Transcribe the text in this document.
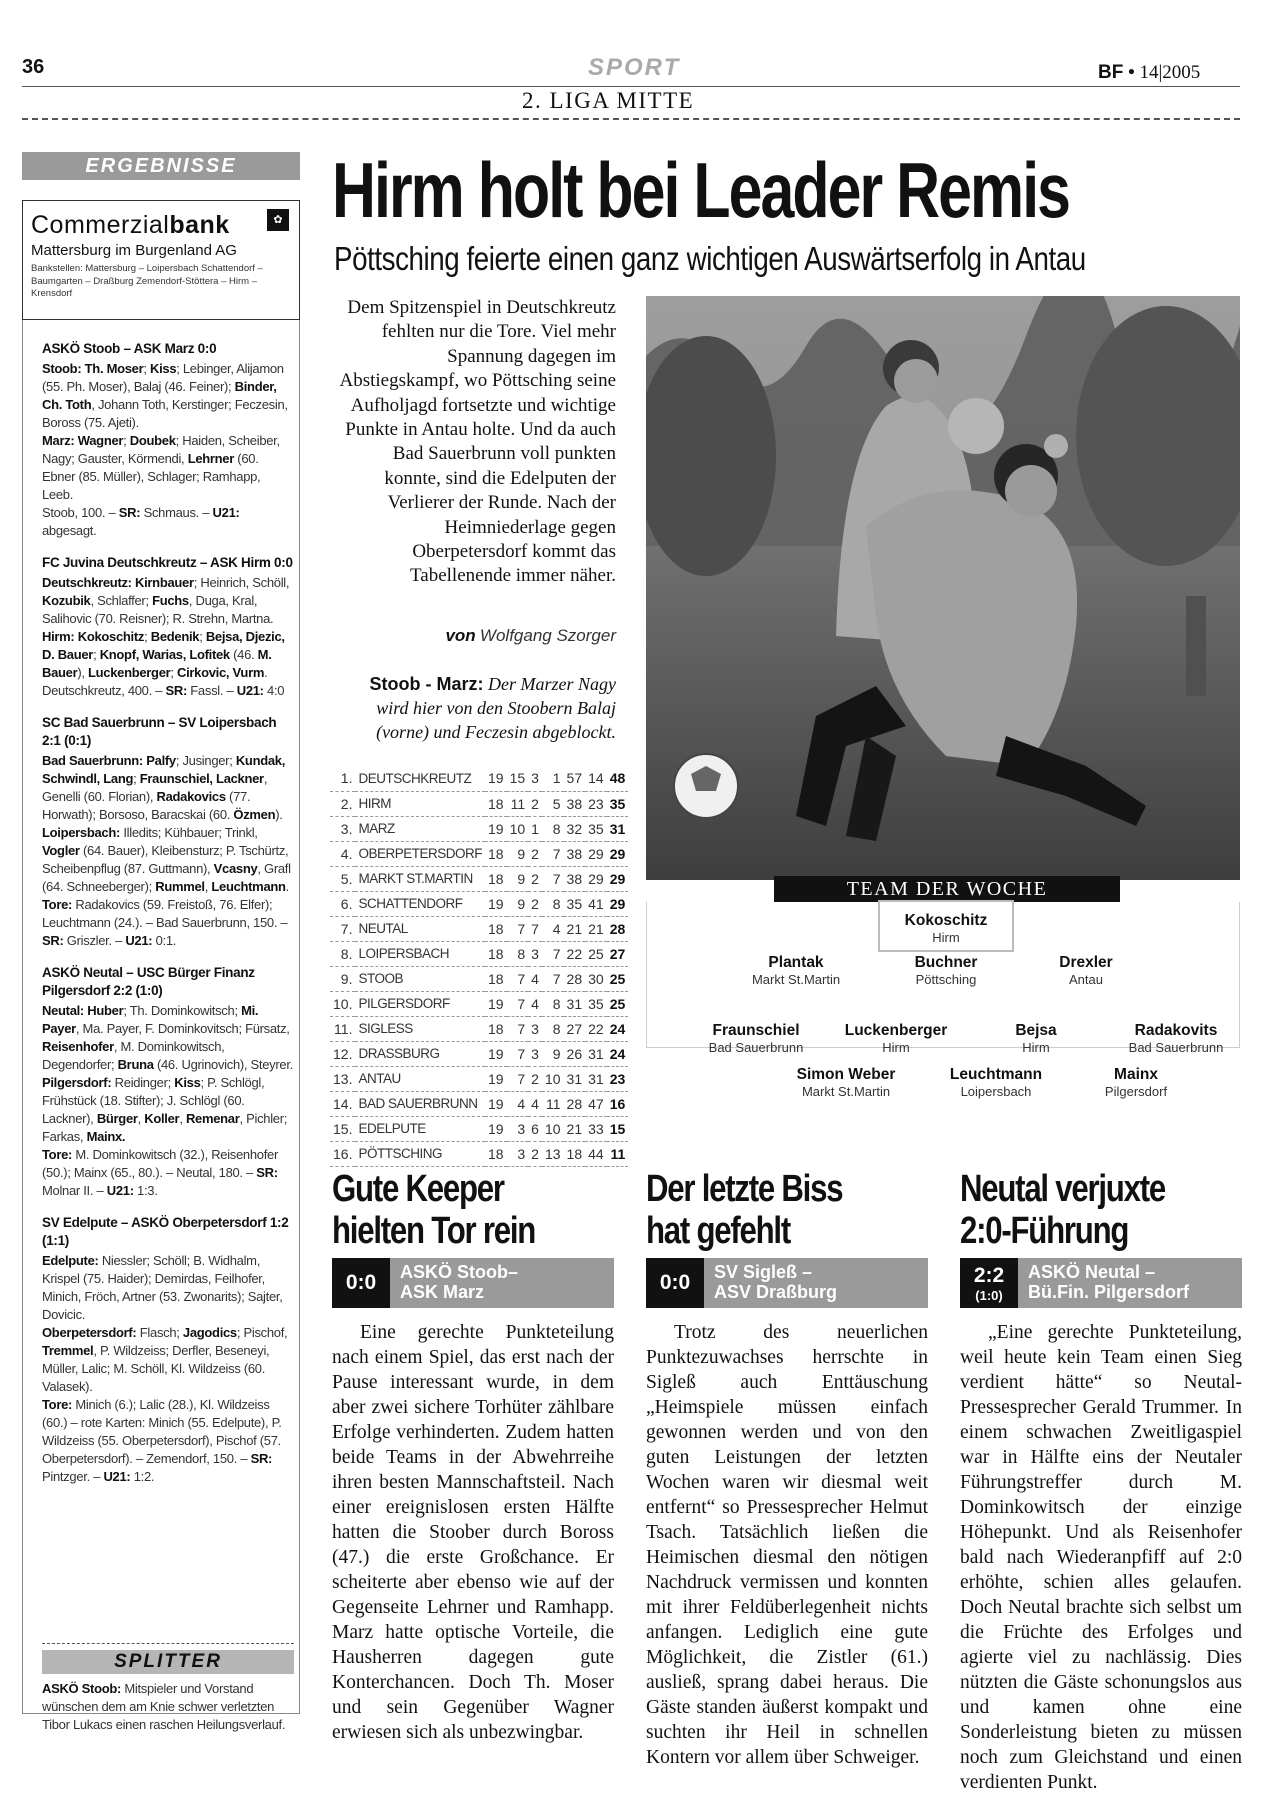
36	SPORT	BF • 14|2005
2. LIGA MITTE
ERGEBNISSE
Commerzialbank	✿
Mattersburg im Burgenland AG
Bankstellen: Mattersburg – Loipersbach Schattendorf – Baumgarten – Draßburg Zemendorf-Stöttera – Hirm – Krensdorf
ASKÖ Stoob – ASK Marz 0:0
Stoob: Th. Moser; Kiss; Lebinger, Alijamon (55. Ph. Moser), Balaj (46. Feiner); Binder, Ch. Toth, Johann Toth, Kerstinger; Feczesin, Boross (75. Ajeti).
Marz: Wagner; Doubek; Haiden, Scheiber, Nagy; Gauster, Körmendi, Lehrner (60. Ebner (85. Müller), Schlager; Ramhapp, Leeb.
Stoob, 100. – SR: Schmaus. – U21: abgesagt.
FC Juvina Deutschkreutz – ASK Hirm 0:0
Deutschkreutz: Kirnbauer; Heinrich, Schöll, Kozubik, Schlaffer; Fuchs, Duga, Kral, Salihovic (70. Reisner); R. Strehn, Martna.
Hirm: Kokoschitz; Bedenik; Bejsa, Djezic, D. Bauer; Knopf, Warias, Lofitek (46. M. Bauer), Luckenberger; Cirkovic, Vurm.
Deutschkreutz, 400. – SR: Fassl. – U21: 4:0
SC Bad Sauerbrunn – SV Loipersbach 2:1 (0:1)
Bad Sauerbrunn: Palfy; Jusinger; Kundak, Schwindl, Lang; Fraunschiel, Lackner, Genelli (60. Florian), Radakovics (77. Horwath); Borsoso, Baracskai (60. Özmen).
Loipersbach: Illedits; Kühbauer; Trinkl, Vogler (64. Bauer), Kleibensturz; P. Tschürtz, Scheibenpflug (87. Guttmann), Vcasny, Grafl (64. Schneeberger); Rummel, Leuchtmann.
Tore: Radakovics (59. Freistoß, 76. Elfer); Leuchtmann (24.). – Bad Sauerbrunn, 150. – SR: Griszler. – U21: 0:1.
ASKÖ Neutal – USC Bürger Finanz Pilgersdorf 2:2 (1:0)
Neutal: Huber; Th. Dominkowitsch; Mi. Payer, Ma. Payer, F. Dominkovitsch; Fürsatz, Reisenhofer, M. Dominkowitsch, Degendorfer; Bruna (46. Ugrinovich), Steyrer.
Pilgersdorf: Reidinger; Kiss; P. Schlögl, Frühstück (18. Stifter); J. Schlögl (60. Lackner), Bürger, Koller, Remenar, Pichler; Farkas, Mainx.
Tore: M. Dominkowitsch (32.), Reisenhofer (50.); Mainx (65., 80.). – Neutal, 180. – SR: Molnar II. – U21: 1:3.
SV Edelpute – ASKÖ Oberpetersdorf 1:2 (1:1)
Edelpute: Niessler; Schöll; B. Widhalm, Krispel (75. Haider); Demirdas, Feilhofer, Minich, Fröch, Artner (53. Zwonarits); Sajter, Dovicic.
Oberpetersdorf: Flasch; Jagodics; Pischof, Tremmel, P. Wildzeiss; Derfler, Beseneyi, Müller, Lalic; M. Schöll, Kl. Wildzeiss (60. Valasek).
Tore: Minich (6.); Lalic (28.), Kl. Wildzeiss (60.) – rote Karten: Minich (55. Edelpute), P. Wildzeiss (55. Oberpetersdorf), Pischof (57. Oberpetersdorf). – Zemendorf, 150. – SR: Pintzger. – U21: 1:2.
SPLITTER
ASKÖ Stoob: Mitspieler und Vorstand wünschen dem am Knie schwer verletzten Tibor Lukacs einen raschen Heilungsverlauf.
Hirm holt bei Leader Remis
Pöttsching feierte einen ganz wichtigen Auswärtserfolg in Antau
Dem Spitzenspiel in Deutschkreutz fehlten nur die Tore. Viel mehr Spannung dagegen im Abstiegskampf, wo Pöttsching seine Aufholjagd fortsetzte und wichtige Punkte in Antau holte. Und da auch Bad Sauerbrunn voll punkten konnte, sind die Edelputen der Verlierer der Runde. Nach der Heimniederlage gegen Oberpetersdorf kommt das Tabellenende immer näher.
von Wolfgang Szorger
Stoob - Marz: Der Marzer Nagy wird hier von den Stoobern Balaj (vorne) und Feczesin abgeblockt.
1.	DEUTSCHKREUTZ	19	15	3	1	57	14	48
2.	HIRM	18	11	2	5	38	23	35
3.	MARZ	19	10	1	8	32	35	31
4.	OBERPETERSDORF	18	9	2	7	38	29	29
5.	MARKT ST.MARTIN	18	9	2	7	38	29	29
6.	SCHATTENDORF	19	9	2	8	35	41	29
7.	NEUTAL	18	7	7	4	21	21	28
8.	LOIPERSBACH	18	8	3	7	22	25	27
9.	STOOB	18	7	4	7	28	30	25
10.	PILGERSDORF	19	7	4	8	31	35	25
11.	SIGLESS	18	7	3	8	27	22	24
12.	DRASSBURG	19	7	3	9	26	31	24
13.	ANTAU	19	7	2	10	31	31	23
14.	BAD SAUERBRUNN	19	4	4	11	28	47	16
15.	EDELPUTE	19	3	6	10	21	33	15
16.	PÖTTSCHING	18	3	2	13	18	44	11
TEAM DER WOCHE
Kokoschitz
Hirm
Plantak
Markt St.Martin
Buchner
Pöttsching
Drexler
Antau
Fraunschiel
Bad Sauerbrunn
Luckenberger
Hirm
Bejsa
Hirm
Radakovits
Bad Sauerbrunn
Simon Weber
Markt St.Martin
Leuchtmann
Loipersbach
Mainx
Pilgersdorf
Gute Keeper
hielten Tor rein
0:0 ASKÖ Stoob–
ASK Marz

Eine gerechte Punkteteilung nach einem Spiel, das erst nach der Pause interessant wurde, in dem aber zwei sichere Torhüter zählbare Erfolge verhinderten. Zudem hatten beide Teams in der Abwehrreihe ihren besten Mannschaftsteil. Nach einer ereignislosen ersten Hälfte hatten die Stoober durch Boross (47.) die erste Großchance. Er scheiterte aber ebenso wie auf der Gegenseite Lehrner und Ramhapp. Marz hatte optische Vorteile, die Hausherren dagegen gute Konterchancen. Doch Th. Moser und sein Gegenüber Wagner erwiesen sich als unbezwingbar.

Der letzte Biss
hat gefehlt
0:0 SV Sigleß –
ASV Draßburg

Trotz des neuerlichen Punktezuwachses herrschte in Sigleß auch Enttäuschung „Heimspiele müssen einfach gewonnen werden und von den guten Leistungen der letzten Wochen waren wir diesmal weit entfernt“ so Pressesprecher Helmut Tsach. Tatsächlich ließen die Heimischen diesmal den nötigen Nachdruck vermissen und konnten mit ihrer Feldüberlegenheit nichts anfangen. Lediglich eine gute Möglichkeit, die Zistler (61.) ausließ, sprang dabei heraus. Die Gäste standen äußerst kompakt und suchten ihr Heil in schnellen Kontern vor allem über Schweiger.

Neutal verjuxte
2:0-Führung
2:2
(1:0)
ASKÖ Neutal –
Bü.Fin. Pilgersdorf

„Eine gerechte Punkteteilung, weil heute kein Team einen Sieg verdient hätte“ so Neutal-Pressesprecher Gerald Trummer. In einem schwachen Zweitligaspiel war in Hälfte eins der Neutaler Führungstreffer durch M. Dominkowitsch der einzige Höhepunkt. Und als Reisenhofer bald nach Wiederanpfiff auf 2:0 erhöhte, schien alles gelaufen. Doch Neutal brachte sich selbst um die Früchte des Erfolges und agierte viel zu nachlässig. Dies nützten die Gäste schonungslos aus und kamen ohne eine Sonderleistung bieten zu müssen noch zum Gleichstand und einen verdienten Punkt.
